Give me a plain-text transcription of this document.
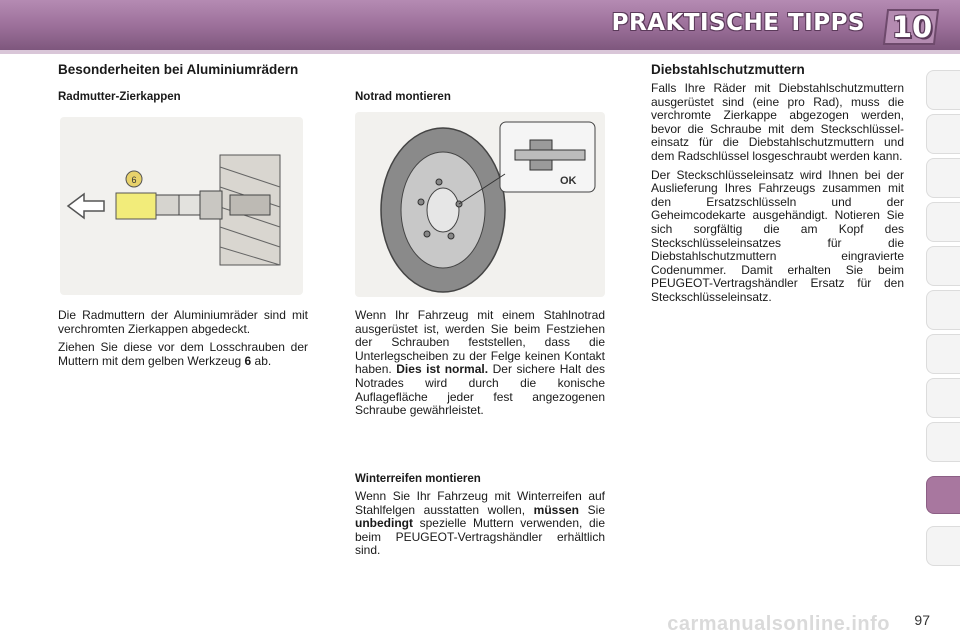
PRAKTISCHE TIPPS 10
Besonderheiten bei Aluminiumrädern
Radmutter-Zierkappen
6

Die Radmuttern der Aluminiumräder sind mit verchromten Zierkappen abgedeckt.

Ziehen Sie diese vor dem Losschrauben der Muttern mit dem gelben Werkzeug 6 ab.

Notrad montieren
OK

Wenn Ihr Fahrzeug mit einem Stahlnotrad ausgerüstet ist, werden Sie beim Festziehen der Schrauben feststellen, dass die Unterlegscheiben zu der Felge keinen Kontakt haben. Dies ist normal. Der sichere Halt des Notrades wird durch die konische Auflagefläche jeder fest angezogenen Schraube gewährleistet.

Winterreifen montieren

Wenn Sie Ihr Fahrzeug mit Winterreifen auf Stahlfelgen ausstatten wollen, müssen Sie unbedingt spezielle Muttern verwenden, die beim PEUGEOT-Vertragshändler erhältlich sind.

Diebstahlschutzmuttern

Falls Ihre Räder mit Diebstahlschutzmuttern ausgerüstet sind (eine pro Rad), muss die verchromte Zierkappe abgezogen werden, bevor die Schraube mit dem Steckschlüsseleinsatz für die Diebstahlschutzmuttern und dem Radschlüssel losgeschraubt werden kann.

Der Steckschlüsseleinsatz wird Ihnen bei der Auslieferung Ihres Fahrzeugs zusammen mit den Ersatzschlüsseln und der Geheimcodekarte ausgehändigt. Notieren Sie sich sorgfältig die am Kopf des Steckschlüsseleinsatzes für die Diebstahlschutzmuttern eingravierte Codenummer. Damit erhalten Sie beim PEUGEOT-Vertragshändler Ersatz für den Steckschlüsseleinsatz.

carmanualsonline.info 97
